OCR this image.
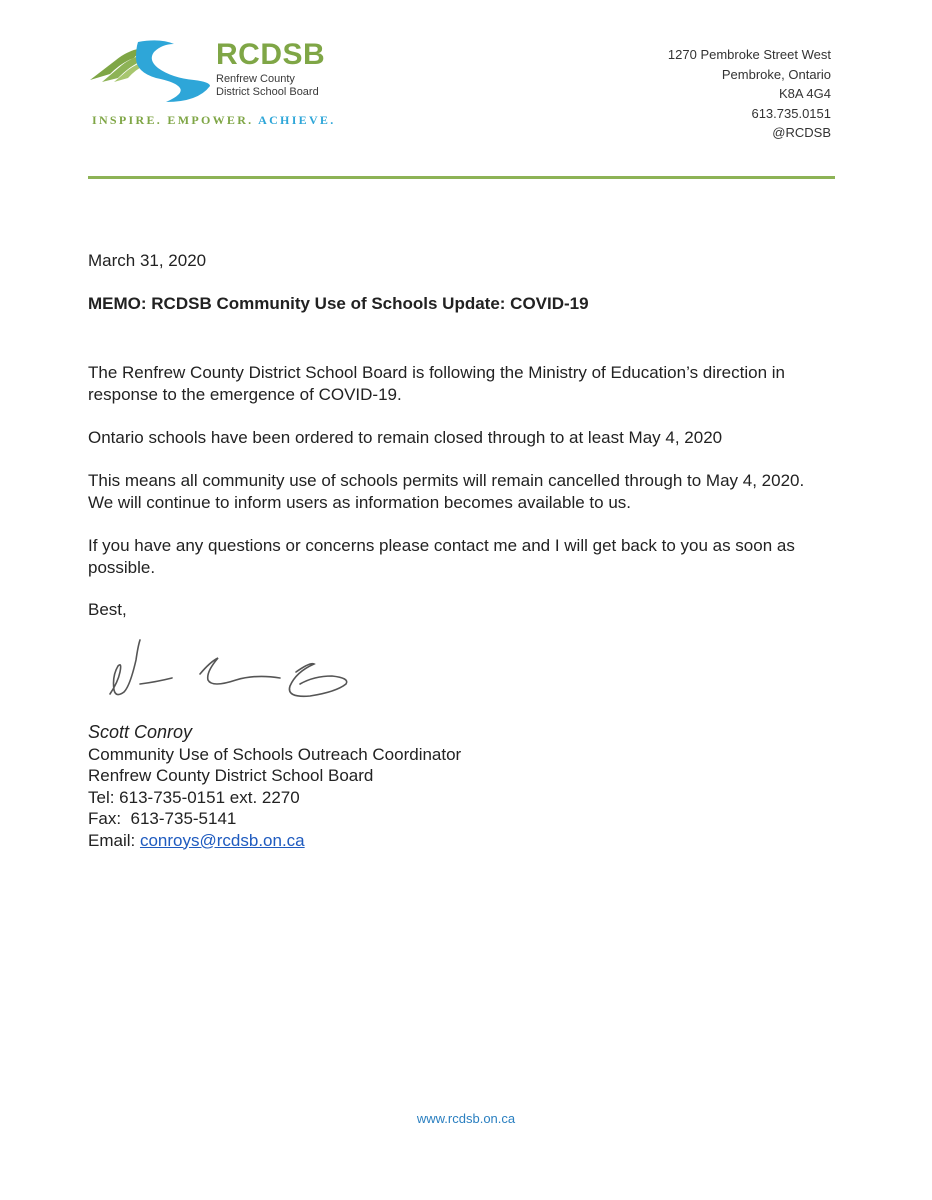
RCDSB
Renfrew County
District School Board
INSPIRE. EMPOWER. ACHIEVE.
1270 Pembroke Street West
Pembroke, Ontario
K8A 4G4
613.735.0151
@RCDSB

March 31, 2020

MEMO: RCDSB Community Use of Schools Update: COVID-19

The Renfrew County District School Board is following the Ministry of Education’s direction in response to the emergence of COVID-19.

Ontario schools have been ordered to remain closed through to at least May 4, 2020

This means all community use of schools permits will remain cancelled through to May 4, 2020. We will continue to inform users as information becomes available to us.

If you have any questions or concerns please contact me and I will get back to you as soon as possible.

Best,

Scott Conroy
Community Use of Schools Outreach Coordinator
Renfrew County District School Board
Tel: 613-735-0151 ext. 2270
Fax:  613-735-5141
Email: conroys@rcdsb.on.ca
www.rcdsb.on.ca
